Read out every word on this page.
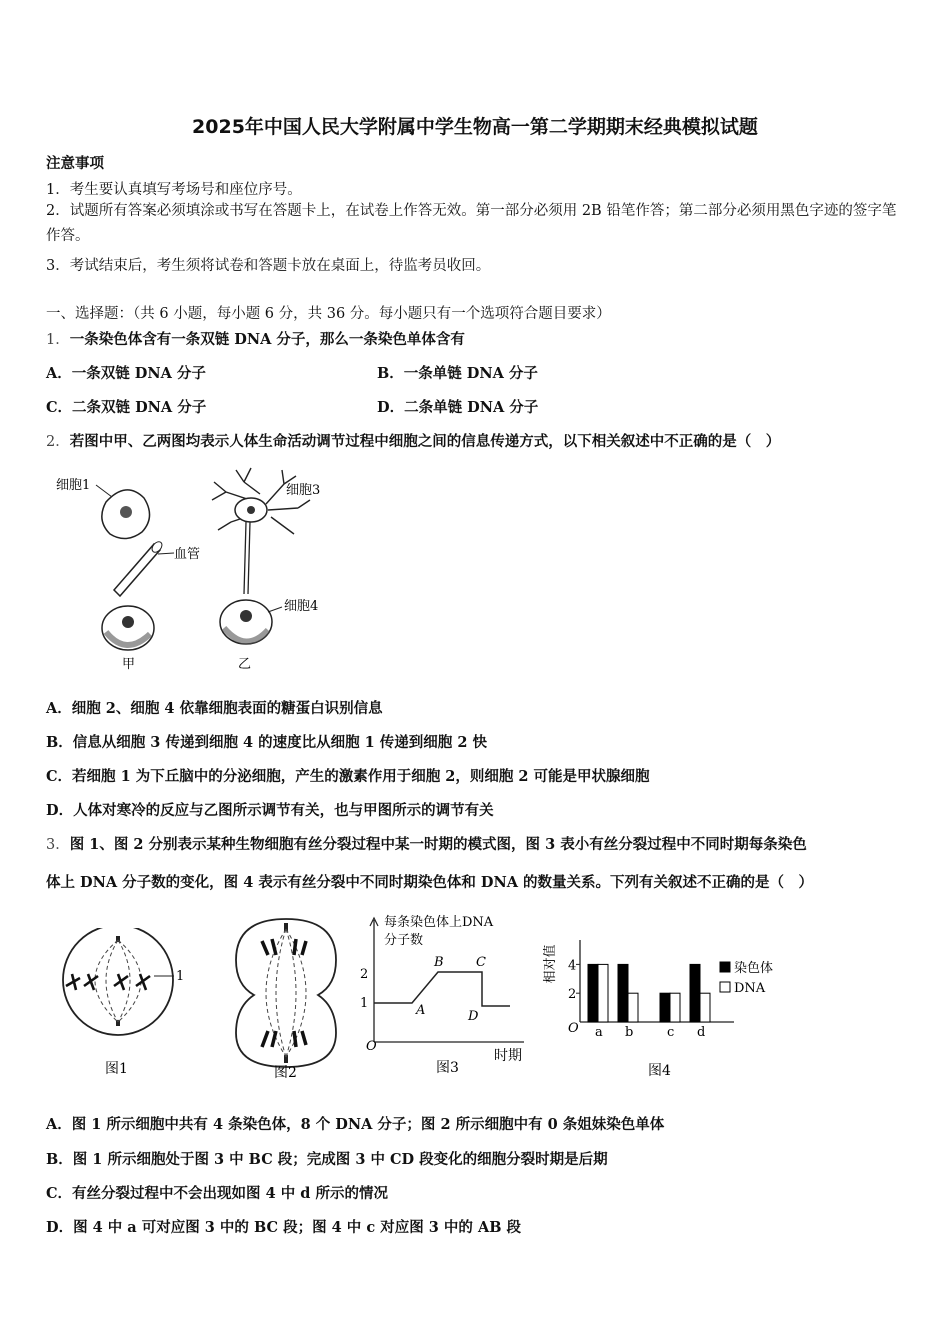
2025年中国人民大学附属中学生物高一第二学期期末经典模拟试题
注意事项
1．考生要认真填写考场号和座位序号。
2．试题所有答案必须填涂或书写在答题卡上，在试卷上作答无效。第一部分必须用 2B 铅笔作答；第二部分必须用黑色字迹的签字笔作答。
3．考试结束后，考生须将试卷和答题卡放在桌面上，待监考员收回。
一、选择题：（共 6 小题，每小题 6 分，共 36 分。每小题只有一个选项符合题目要求）
1．一条染色体含有一条双链 DNA 分子，那么一条染色单体含有
A．一条双链 DNA 分子	B．一条单链 DNA 分子
C．二条双链 DNA 分子	D．二条单链 DNA 分子
2．若图中甲、乙两图均表示人体生命活动调节过程中细胞之间的信息传递方式，以下相关叙述中不正确的是（　）
细胞1
血管
甲
细胞3
细胞4
乙
A．细胞 2、细胞 4 依靠细胞表面的糖蛋白识别信息
B．信息从细胞 3 传递到细胞 4 的速度比从细胞 1 传递到细胞 2 快
C．若细胞 1 为下丘脑中的分泌细胞，产生的激素作用于细胞 2，则细胞 2 可能是甲状腺细胞
D．人体对寒冷的反应与乙图所示调节有关，也与甲图所示的调节有关
3．图 1、图 2 分别表示某种生物细胞有丝分裂过程中某一时期的模式图，图 3 表小有丝分裂过程中不同时期每条染色
体上 DNA 分子数的变化，图 4 表示有丝分裂中不同时期染色体和 DNA 的数量关系。下列有关叙述不正确的是（　）
1
图1	图2
每条染色体上DNA
分子数
O
2
1	A
B C
D
时期
图3
相对值
O a b	c d
2
4	染色体
DNA
图4
A．图 1 所示细胞中共有 4 条染色体，8 个 DNA 分子；图 2 所示细胞中有 0 条姐妹染色单体
B．图 1 所示细胞处于图 3 中 BC 段；完成图 3 中 CD 段变化的细胞分裂时期是后期
C．有丝分裂过程中不会出现如图 4 中 d 所示的情况
D．图 4 中 a 可对应图 3 中的 BC 段；图 4 中 c 对应图 3 中的 AB 段
